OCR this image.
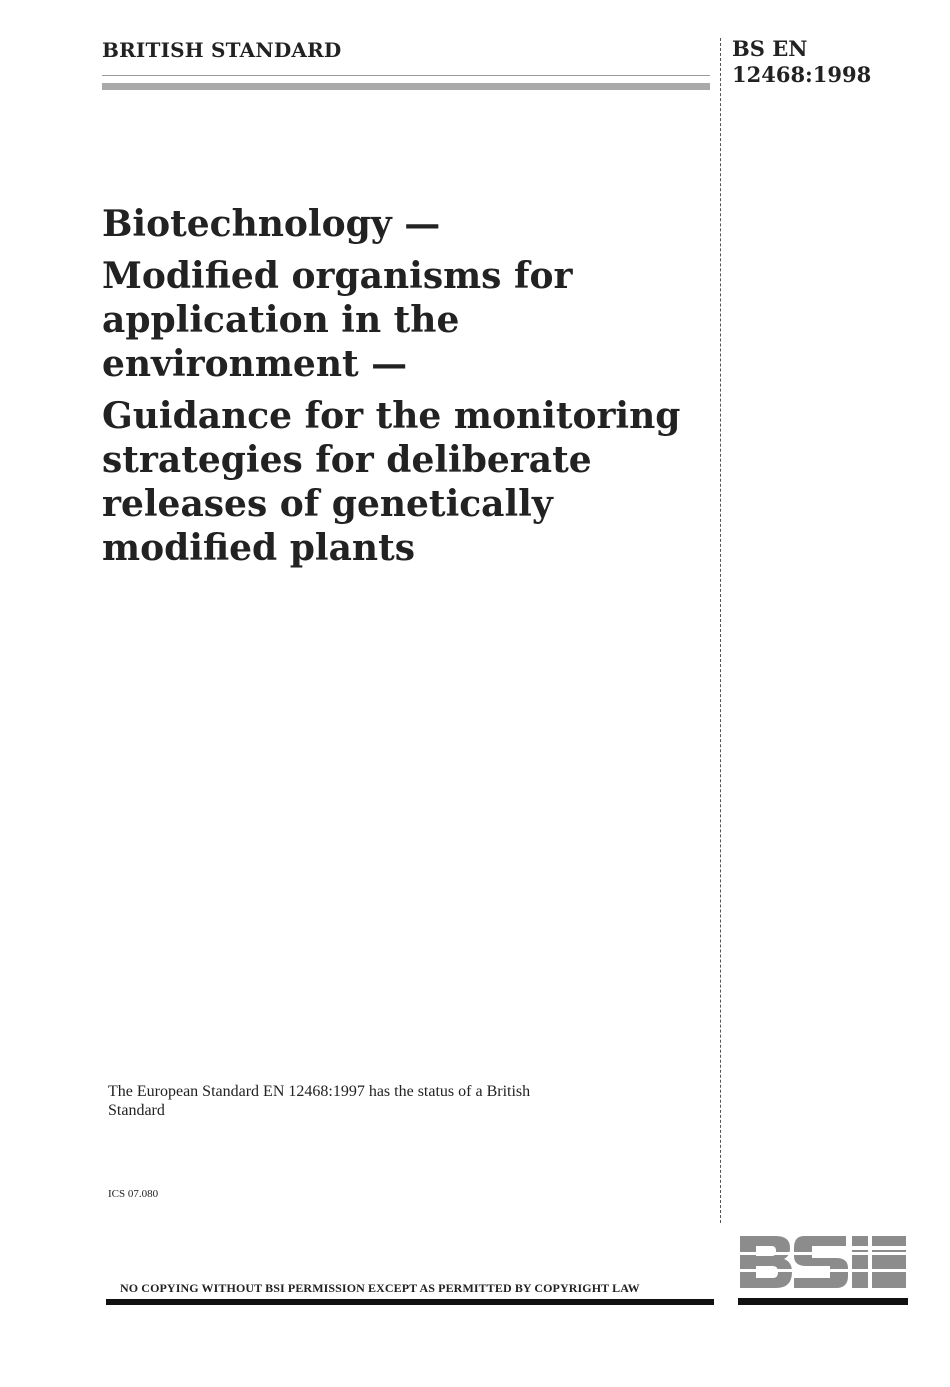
BRITISH STANDARD	BS EN
12468:1998
Biotechnology —
Modified organisms for application in the environment —
Guidance for the monitoring strategies for deliberate releases of genetically modified plants
The European Standard EN 12468:1997 has the status of a British Standard
ICS 07.080
NO COPYING WITHOUT BSI PERMISSION EXCEPT AS PERMITTED BY COPYRIGHT LAW	BSi
